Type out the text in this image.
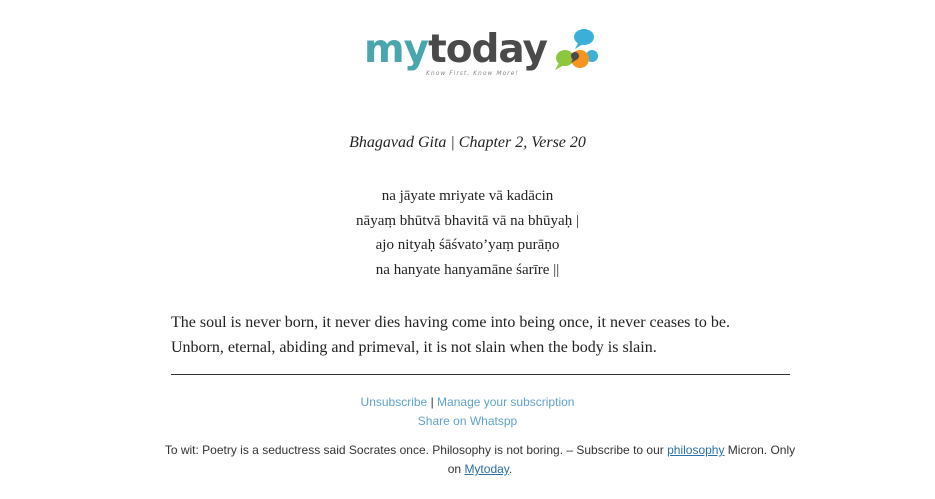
mytoday
Know First, Know More!
Bhagavad Gita | Chapter 2, Verse 20
na jāyate mriyate vā kadācin
nāyaṃ bhūtvā bhavitā vā na bhūyaḥ |
ajo nityaḥ śāśvato’yaṃ purāṇo
na hanyate hanyamāne śarīre ||
The soul is never born, it never dies having come into being once, it never ceases to be.
Unborn, eternal, abiding and primeval, it is not slain when the body is slain.
Unsubscribe | Manage your subscription
Share on Whatspp
To wit: Poetry is a seductress said Socrates once. Philosophy is not boring. – Subscribe to our philosophy Micron. Only on Mytoday.
